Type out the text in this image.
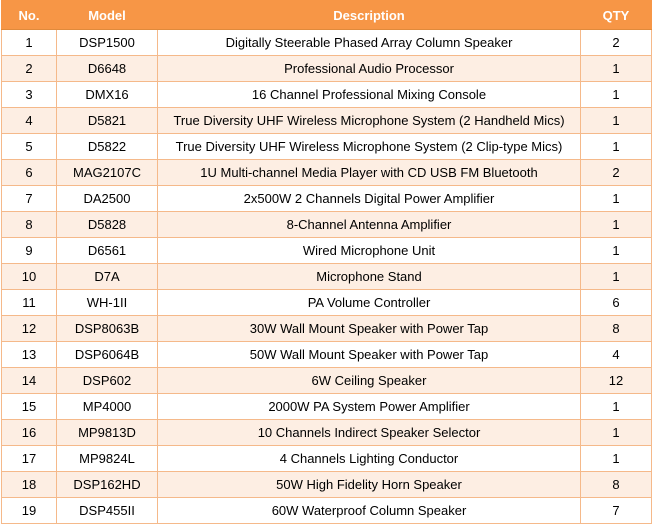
No.	Model	Description	QTY
1	DSP1500	Digitally Steerable Phased Array Column Speaker	2
2	D6648	Professional Audio Processor	1
3	DMX16	16 Channel Professional Mixing Console	1
4	D5821	True Diversity UHF Wireless Microphone System (2 Handheld Mics)	1
5	D5822	True Diversity UHF Wireless Microphone System (2 Clip-type Mics)	1
6	MAG2107C	1U Multi-channel Media Player with CD USB FM Bluetooth	2
7	DA2500	2x500W 2 Channels Digital Power Amplifier	1
8	D5828	8-Channel Antenna Amplifier	1
9	D6561	Wired Microphone Unit	1
10	D7A	Microphone Stand	1
11	WH-1II	PA Volume Controller	6
12	DSP8063B	30W Wall Mount Speaker with Power Tap	8
13	DSP6064B	50W Wall Mount Speaker with Power Tap	4
14	DSP602	6W Ceiling Speaker	12
15	MP4000	2000W PA System Power Amplifier	1
16	MP9813D	10 Channels Indirect Speaker Selector	1
17	MP9824L	4 Channels Lighting Conductor	1
18	DSP162HD	50W High Fidelity Horn Speaker	8
19	DSP455II	60W Waterproof Column Speaker	7
